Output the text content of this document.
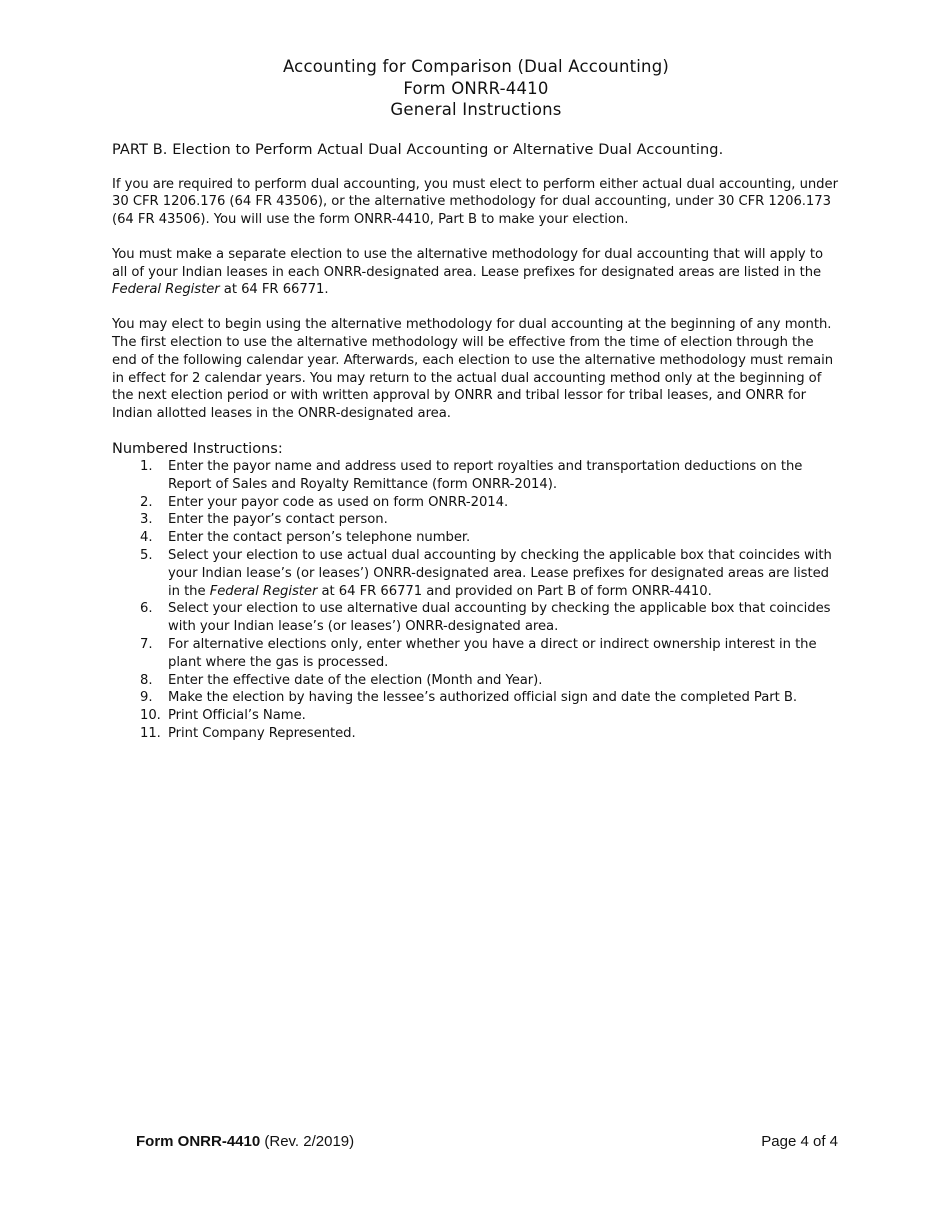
Accounting for Comparison (Dual Accounting)
Form ONRR-4410
General Instructions
PART B. Election to Perform Actual Dual Accounting or Alternative Dual Accounting.

If you are required to perform dual accounting, you must elect to perform either actual dual accounting, under 30 CFR 1206.176 (64 FR 43506), or the alternative methodology for dual accounting, under 30 CFR 1206.173 (64 FR 43506). You will use the form ONRR-4410, Part B to make your election.

You must make a separate election to use the alternative methodology for dual accounting that will apply to all of your Indian leases in each ONRR-designated area. Lease prefixes for designated areas are listed in the Federal Register at 64 FR 66771.

You may elect to begin using the alternative methodology for dual accounting at the beginning of any month. The first election to use the alternative methodology will be effective from the time of election through the end of the following calendar year. Afterwards, each election to use the alternative methodology must remain in effect for 2 calendar years. You may return to the actual dual accounting method only at the beginning of the next election period or with written approval by ONRR and tribal lessor for tribal leases, and ONRR for Indian allotted leases in the ONRR-designated area.

Numbered Instructions:
1. Enter the payor name and address used to report royalties and transportation deductions on the Report of Sales and Royalty Remittance (form ONRR-2014).
2. Enter your payor code as used on form ONRR-2014.
3. Enter the payor’s contact person.
4. Enter the contact person’s telephone number.
5. Select your election to use actual dual accounting by checking the applicable box that coincides with your Indian lease’s (or leases’) ONRR-designated area. Lease prefixes for designated areas are listed in the Federal Register at 64 FR 66771 and provided on Part B of form ONRR-4410.
6. Select your election to use alternative dual accounting by checking the applicable box that coincides with your Indian lease’s (or leases’) ONRR-designated area.
7. For alternative elections only, enter whether you have a direct or indirect ownership interest in the plant where the gas is processed.
8. Enter the effective date of the election (Month and Year).
9. Make the election by having the lessee’s authorized official sign and date the completed Part B.
10. Print Official’s Name.
11. Print Company Represented.
Form ONRR-4410 (Rev. 2/2019)	Page 4 of 4
